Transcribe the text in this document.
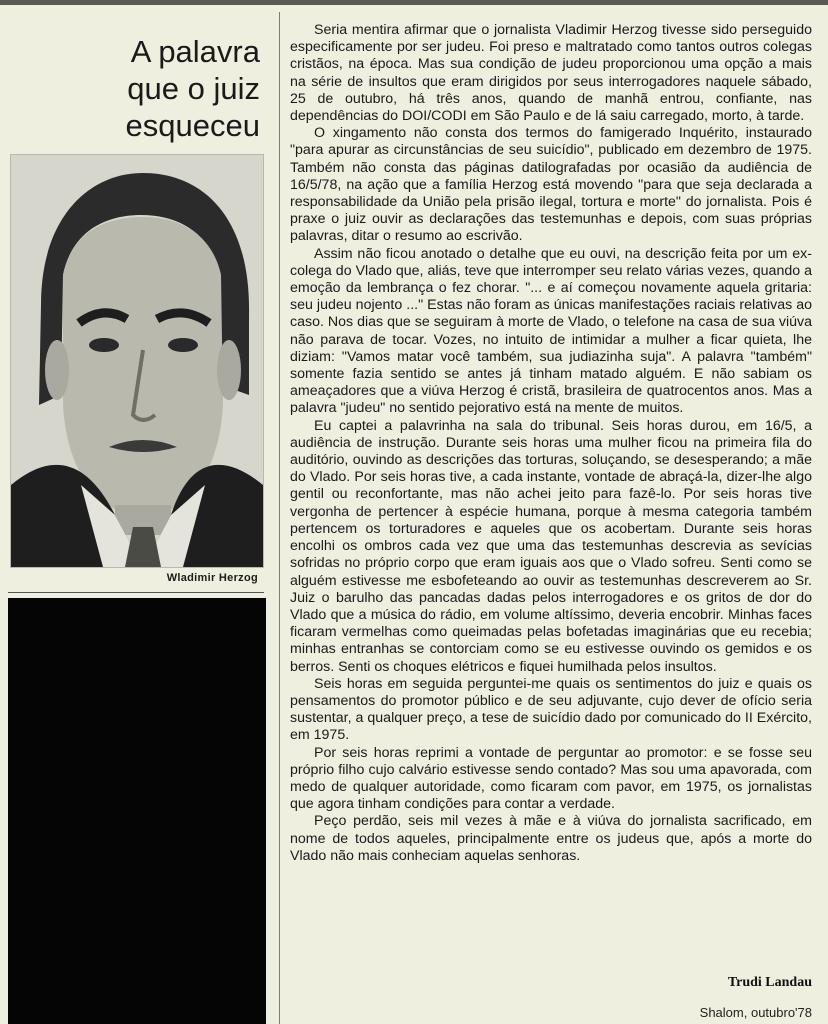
A palavra
que o juiz
esqueceu
Wladimir Herzog

Seria mentira afirmar que o jornalista Vladimir Herzog tivesse sido perseguido especificamente por ser judeu. Foi preso e maltratado como tantos outros colegas cristãos, na época. Mas sua condição de judeu proporcionou uma opção a mais na série de insultos que eram dirigidos por seus interrogadores naquele sábado, 25 de outubro, há três anos, quando de manhã entrou, confiante, nas dependências do DOI/CODI em São Paulo e de lá saiu carregado, morto, à tarde.

O xingamento não consta dos termos do famigerado Inquérito, instaurado "para apurar as circunstâncias de seu suicídio", publicado em dezembro de 1975. Também não consta das páginas datilografadas por ocasião da audiência de 16/5/78, na ação que a família Herzog está movendo "para que seja declarada a responsabilidade da União pela prisão ilegal, tortura e morte" do jornalista. Pois é praxe o juiz ouvir as declarações das testemunhas e depois, com suas próprias palavras, ditar o resumo ao escrivão.

Assim não ficou anotado o detalhe que eu ouvi, na descrição feita por um ex-colega do Vlado que, aliás, teve que interromper seu relato várias vezes, quando a emoção da lembrança o fez chorar. "... e aí começou novamente aquela gritaria: seu judeu nojento ..." Estas não foram as únicas manifestações raciais relativas ao caso. Nos dias que se seguiram à morte de Vlado, o telefone na casa de sua viúva não parava de tocar. Vozes, no intuito de intimidar a mulher a ficar quieta, lhe diziam: "Vamos matar você também, sua judiazinha suja". A palavra "também" somente fazia sentido se antes já tinham matado alguém. E não sabiam os ameaçadores que a viúva Herzog é cristã, brasileira de quatrocentos anos. Mas a palavra "judeu" no sentido pejorativo está na mente de muitos.

Eu captei a palavrinha na sala do tribunal. Seis horas durou, em 16/5, a audiência de instrução. Durante seis horas uma mulher ficou na primeira fila do auditório, ouvindo as descrições das torturas, soluçando, se desesperando; a mãe do Vlado. Por seis horas tive, a cada instante, vontade de abraçá-la, dizer-lhe algo gentil ou reconfortante, mas não achei jeito para fazê-lo. Por seis horas tive vergonha de pertencer à espécie humana, porque à mesma categoria também pertencem os torturadores e aqueles que os acobertam. Durante seis horas encolhi os ombros cada vez que uma das testemunhas descrevia as sevícias sofridas no próprio corpo que eram iguais aos que o Vlado sofreu. Senti como se alguém estivesse me esbofeteando ao ouvir as testemunhas descreverem ao Sr. Juiz o barulho das pancadas dadas pelos interrogadores e os gritos de dor do Vlado que a música do rádio, em volume altíssimo, deveria encobrir. Minhas faces ficaram vermelhas como queimadas pelas bofetadas imaginárias que eu recebia; minhas entranhas se contorciam como se eu estivesse ouvindo os gemidos e os berros. Senti os choques elétricos e fiquei humilhada pelos insultos.

Seis horas em seguida perguntei-me quais os sentimentos do juiz e quais os pensamentos do promotor público e de seu adjuvante, cujo dever de ofício seria sustentar, a qualquer preço, a tese de suicídio dado por comunicado do II Exército, em 1975.

Por seis horas reprimi a vontade de perguntar ao promotor: e se fosse seu próprio filho cujo calvário estivesse sendo contado? Mas sou uma apavorada, com medo de qualquer autoridade, como ficaram com pavor, em 1975, os jornalistas que agora tinham condições para contar a verdade.

Peço perdão, seis mil vezes à mãe e à viúva do jornalista sacrificado, em nome de todos aqueles, principalmente entre os judeus que, após a morte do Vlado não mais conheciam aquelas senhoras.

Trudi Landau
Shalom, outubro'78
